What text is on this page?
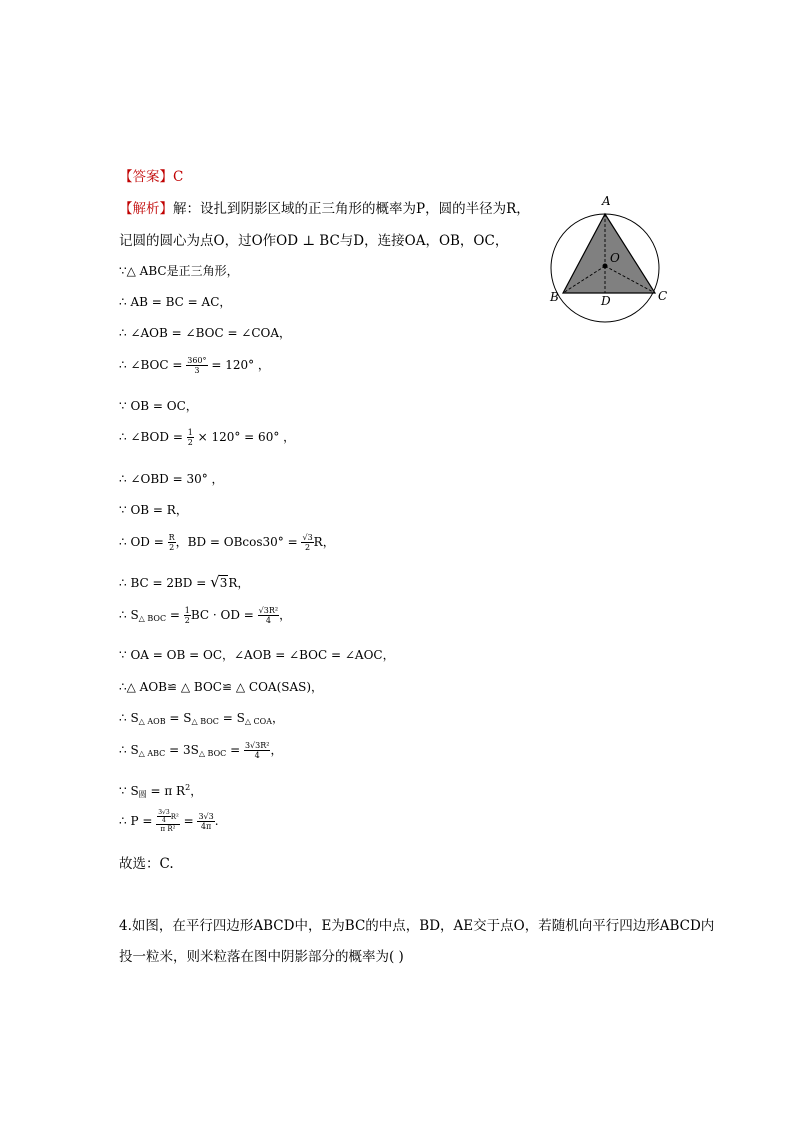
【答案】C
【解析】解：设扎到阴影区域的正三角形的概率为P，圆的半径为R，
记圆的圆心为点O，过O作OD ⊥ BC与D，连接OA，OB，OC，
∵△ ABC是正三角形，
∴ AB = BC = AC，
∴ ∠AOB = ∠BOC = ∠COA，
∴ ∠BOC = $\frac{360^\circ}{3} = 120^\circ$ ，
∵ OB = OC，
∴ ∠BOD = $\frac{1}{2} \times 120^\circ = 60^\circ$ ，
∴ ∠OBD = 30° ，
∵ OB = R，
∴ OD = $\frac{R}{2}$ ，BD = $OBcos30^\circ = \frac{√3}{2}$ R，
∴ BC = 2BD = √3R，
∴ $S_{\triangle BOC} = \frac{1}{2}$ BC · OD = $\frac{\text{√3R²}}{4}$ ，
∵ OA = OB = OC，∠AOB = ∠BOC = ∠AOC，
∴△ AOB≌ △ BOC≌ △ COA(SAS)，
∴ $S_{\triangle AOB} = S_{\triangle BOC} = S_{\triangle COA}$，
∴ $S_{\triangle ABC} = 3S_{\triangle BOC} = \frac{\text{3√3R²}}{4}$ ，
∵ $S_圆 = \pi$ $R^2$，
∴ $P = \frac{\frac{3√3}{4} R^2}{\text{π R²}} = \frac{3√3}{4\pi}$ .
故选：C.
4.如图，在平行四边形ABCD中，E为BC的中点，BD，AE交于点O，若随机向平行四边形ABCD内
投一粒米，则米粒落在图中阴影部分的概率为( )
A
B	C
D
O
